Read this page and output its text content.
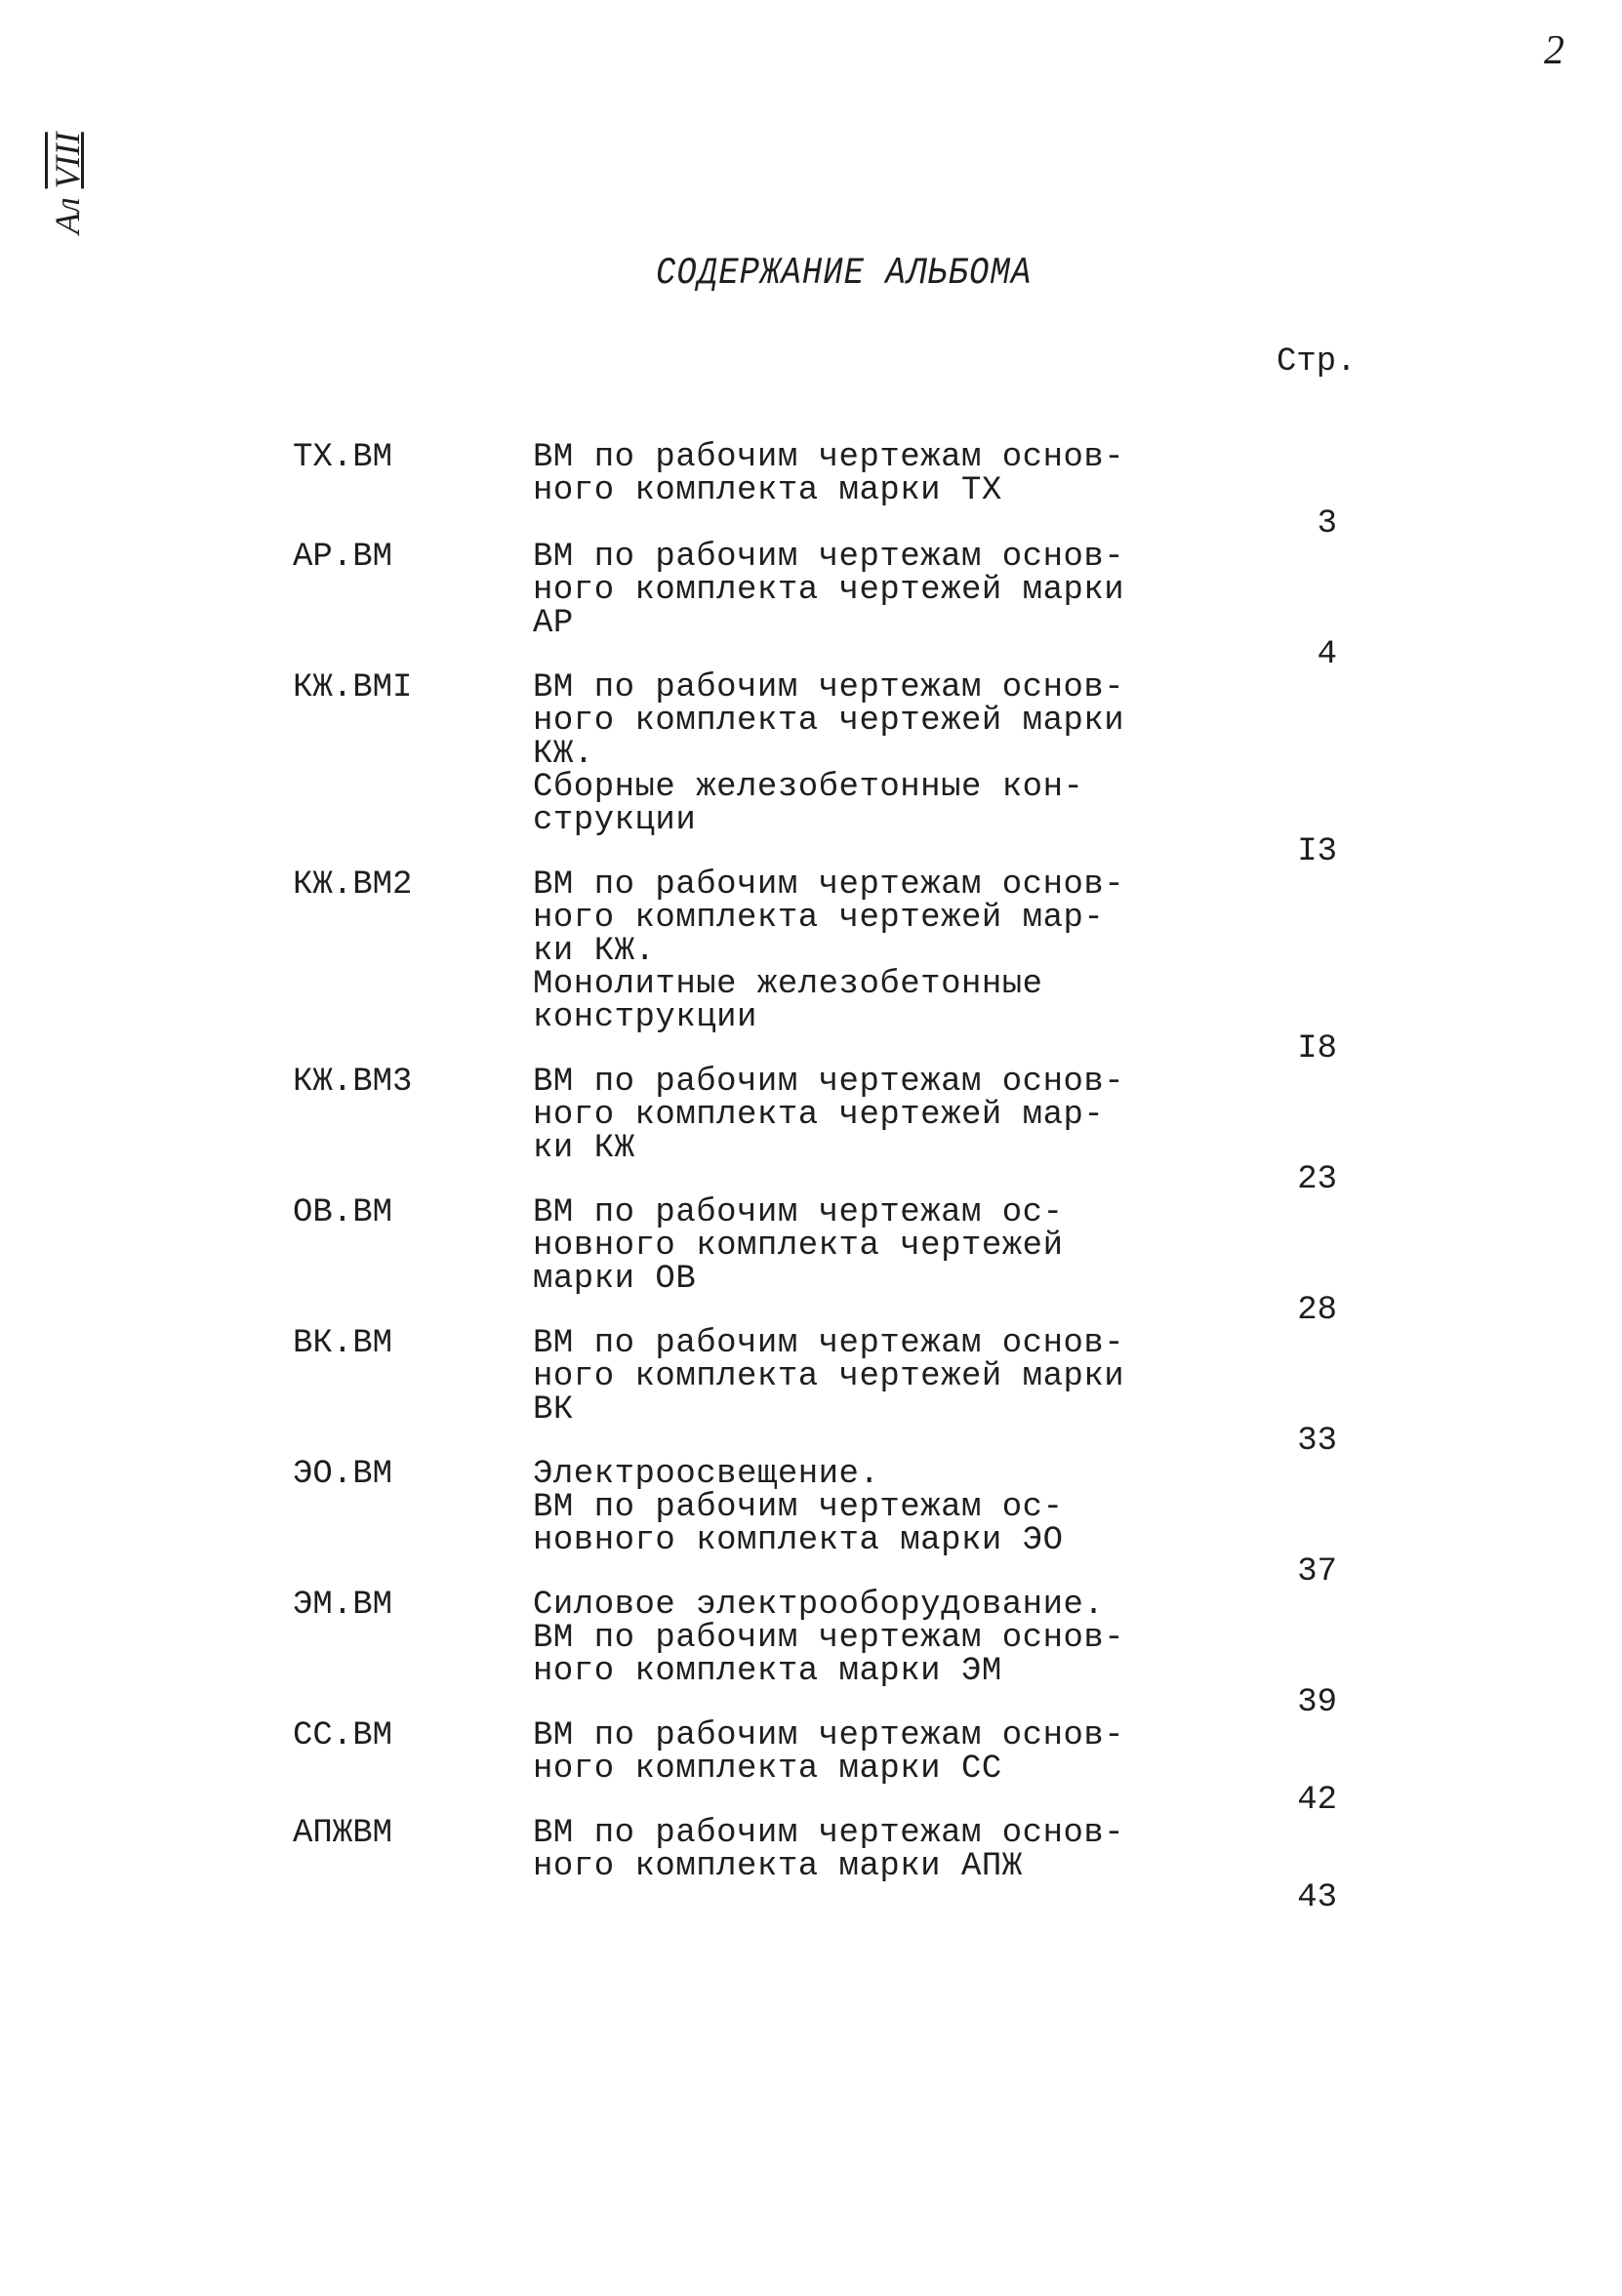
2
Ал VIII
СОДЕРЖАНИЕ АЛЬБОМА
Стр.
ТХ.ВМ	ВМ по рабочим чертежам основ-
ного комплекта марки ТХ
3
АР.ВМ	ВМ по рабочим чертежам основ-
ного комплекта чертежей марки
АР
4
КЖ.ВМI	ВМ по рабочим чертежам основ-
ного комплекта чертежей марки
КЖ.
Сборные железобетонные кон-
струкции
I3
КЖ.ВМ2	ВМ по рабочим чертежам основ-
ного комплекта чертежей мар-
ки КЖ.
Монолитные железобетонные
конструкции
I8
КЖ.ВМ3	ВМ по рабочим чертежам основ-
ного комплекта чертежей мар-
ки КЖ
23
ОВ.ВМ	ВМ по рабочим чертежам ос-
новного комплекта чертежей
марки ОВ
28
ВК.ВМ	ВМ по рабочим чертежам основ-
ного комплекта чертежей марки
ВК
33
ЭО.ВМ	Электроосвещение.
ВМ по рабочим чертежам ос-
новного комплекта марки ЭО
37
ЭМ.ВМ	Силовое электрооборудование.
ВМ по рабочим чертежам основ-
ного комплекта марки ЭМ
39
СС.ВМ	ВМ по рабочим чертежам основ-
ного комплекта марки СС
42
АПЖВМ	ВМ по рабочим чертежам основ-
ного комплекта марки АПЖ
43
